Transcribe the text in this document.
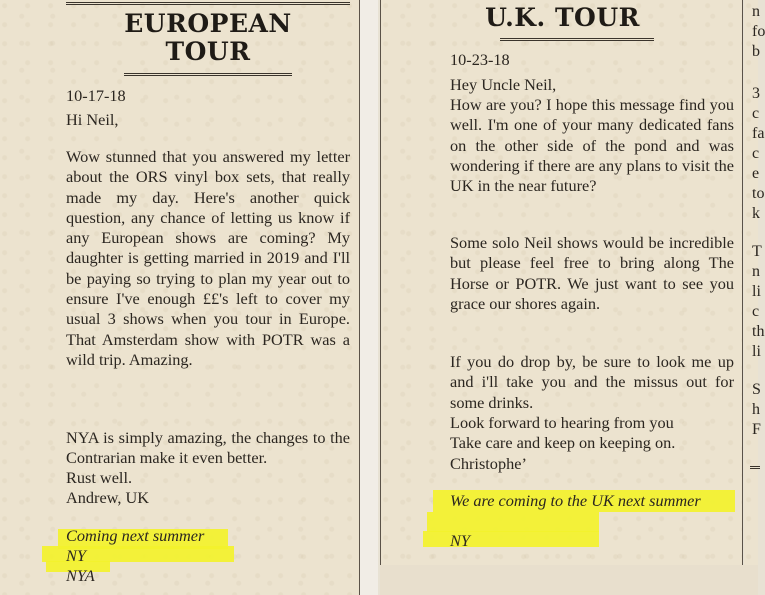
EUROPEAN
TOUR
10-17-18
Hi Neil,
Wow stunned that you answered my letter about the ORS vinyl box sets, that really made my day. Here's another quick question, any chance of letting us know if any European shows are coming? My daughter is getting married in 2019 and I'll be paying so trying to plan my year out to ensure I've enough ££'s left to cover my usual 3 shows when you tour in Europe. That Amsterdam show with POTR was a wild trip. Amazing.
NYA is simply amazing, the changes to the Contrarian make it even better.
Rust well.
Andrew, UK
Coming next summer
NY
NYA
U.K. TOUR
10-23-18
Hey Uncle Neil,
How are you? I hope this message find you well. I'm one of your many dedicated fans on the other side of the pond and was wondering if there are any plans to visit the UK in the near future?
Some solo Neil shows would be incredible but please feel free to bring along The Horse or POTR. We just want to see you grace our shores again.
If you do drop by, be sure to look me up and i'll take you and the missus out for some drinks.
Look forward to hearing from you
Take care and keep on keeping on.
Christophe’
We are coming to the UK next summer
NY
n
fo
b
3
c
fa
c
e
to
k
T
n
li
c
th
li
S
h
F
